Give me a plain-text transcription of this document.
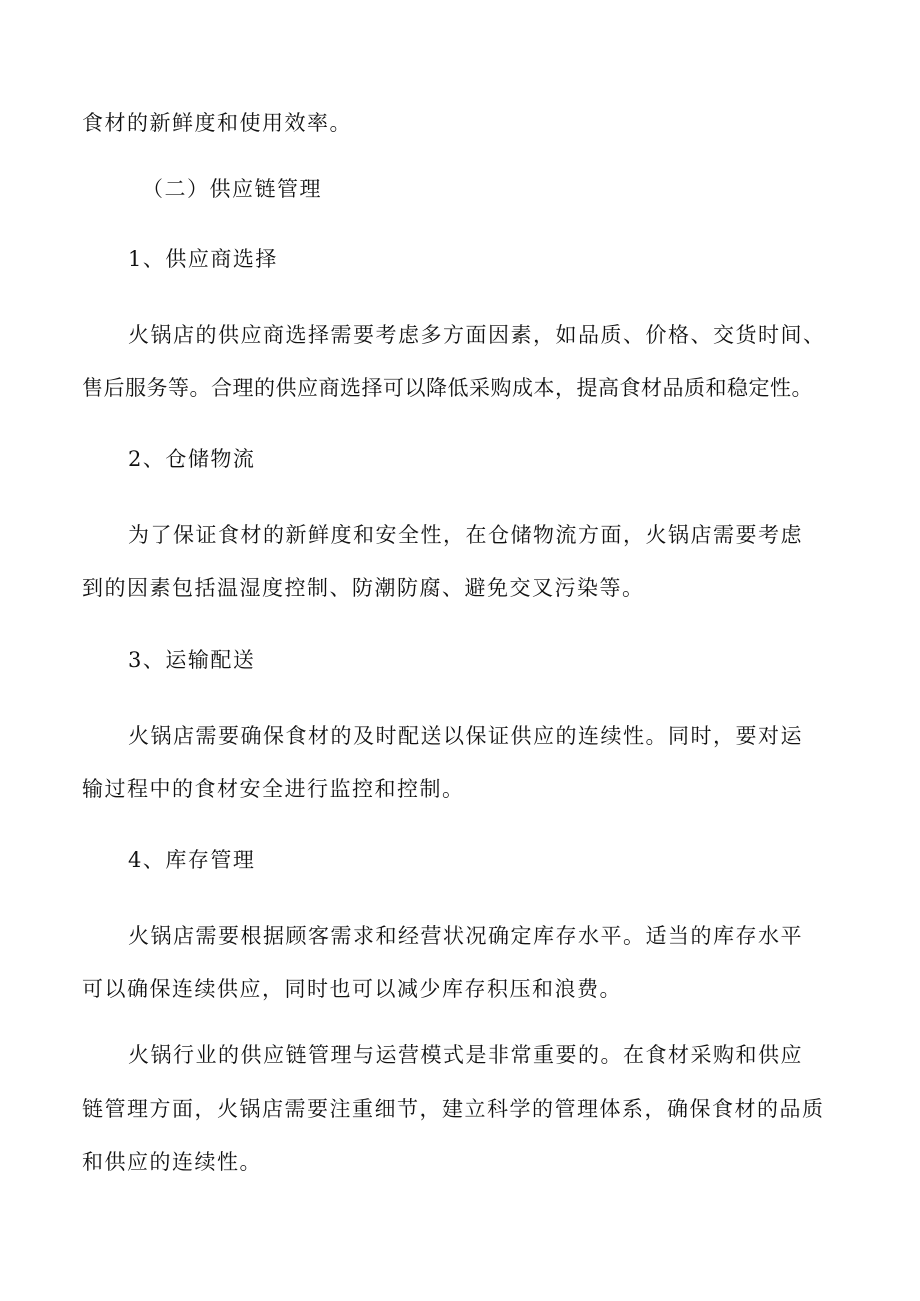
食材的新鲜度和使用效率。
（二）供应链管理
1、供应商选择
火锅店的供应商选择需要考虑多方面因素，如品质、价格、交货时间、
售后服务等。合理的供应商选择可以降低采购成本，提高食材品质和稳定性。
2、仓储物流
为了保证食材的新鲜度和安全性，在仓储物流方面，火锅店需要考虑
到的因素包括温湿度控制、防潮防腐、避免交叉污染等。
3、运输配送
火锅店需要确保食材的及时配送以保证供应的连续性。同时，要对运
输过程中的食材安全进行监控和控制。
4、库存管理
火锅店需要根据顾客需求和经营状况确定库存水平。适当的库存水平
可以确保连续供应，同时也可以减少库存积压和浪费。
火锅行业的供应链管理与运营模式是非常重要的。在食材采购和供应
链管理方面，火锅店需要注重细节，建立科学的管理体系，确保食材的品质
和供应的连续性。
